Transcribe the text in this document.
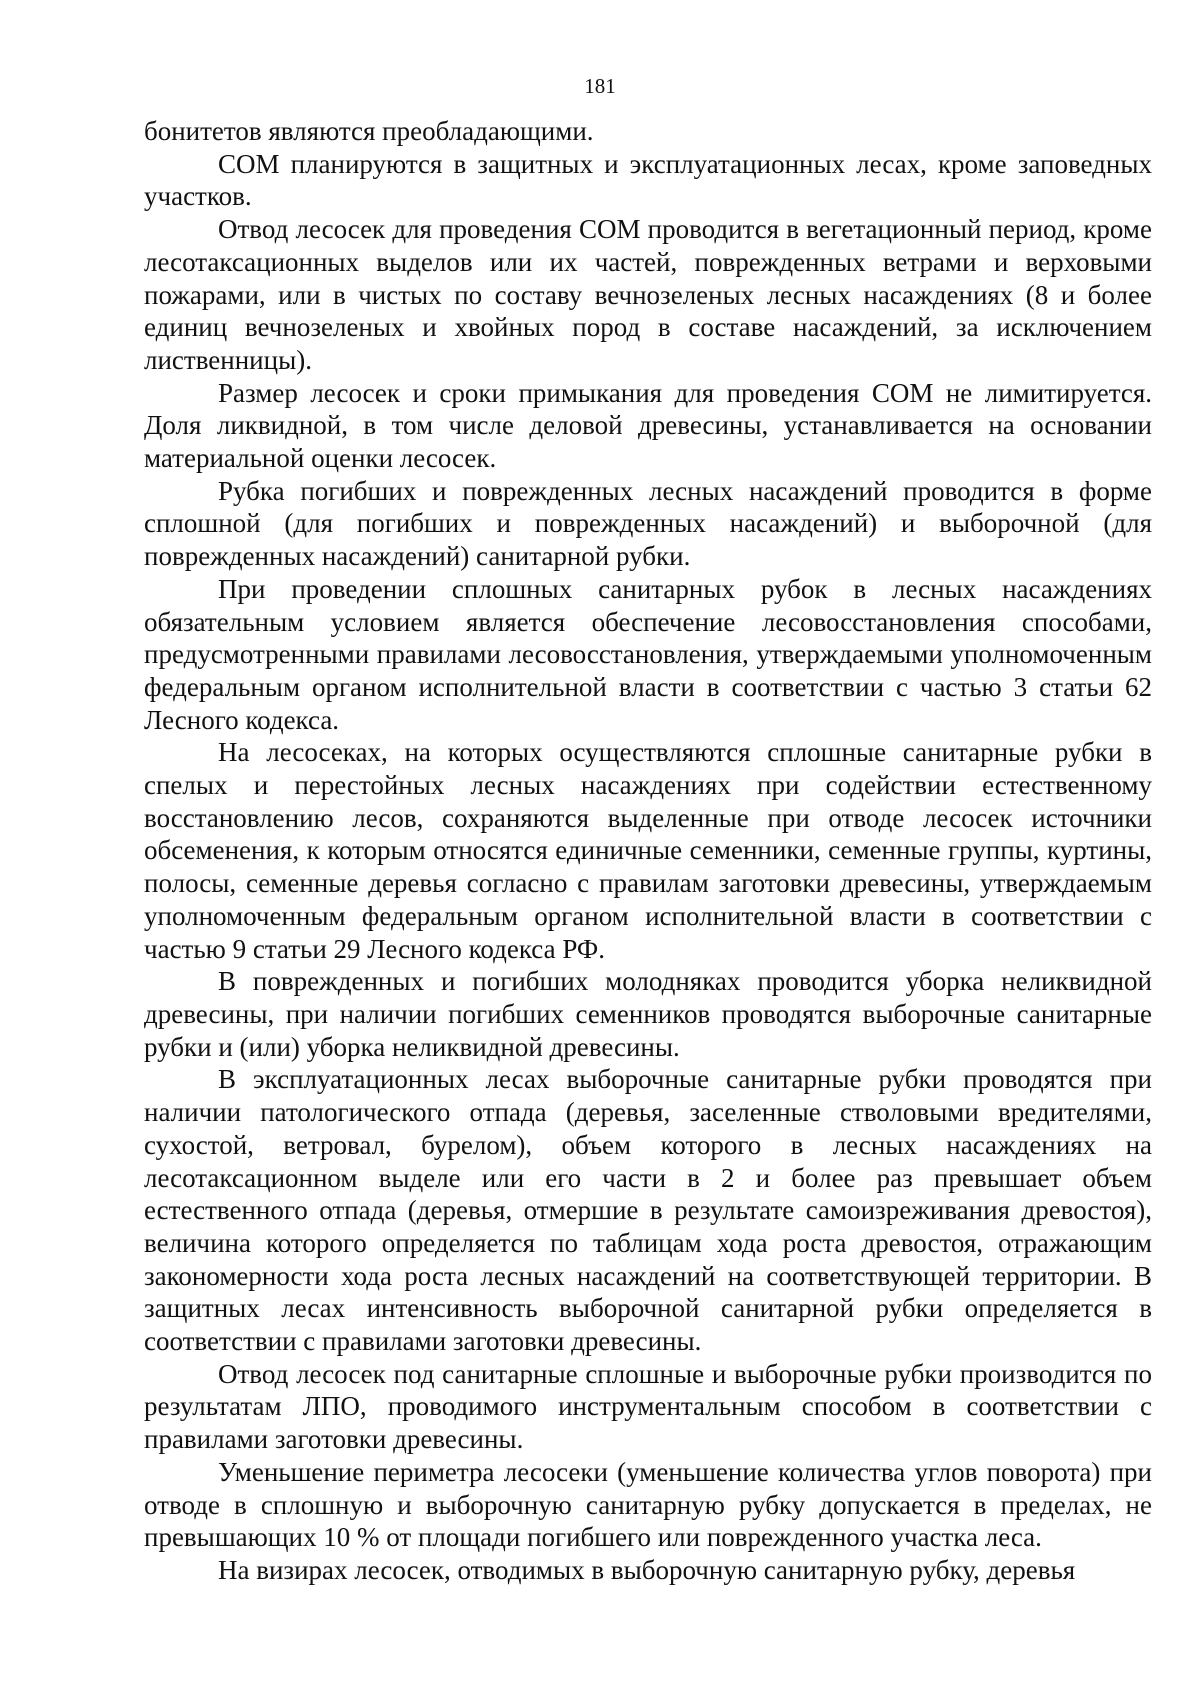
181

бонитетов являются преобладающими.

СОМ планируются в защитных и эксплуатационных лесах, кроме заповедных участков.

Отвод лесосек для проведения СОМ проводится в вегетационный период, кроме лесотаксационных выделов или их частей, поврежденных ветрами и верховыми пожарами, или в чистых по составу вечнозеленых лесных насаждениях (8 и более единиц вечнозеленых и хвойных пород в составе насаждений, за исключением лиственницы).

Размер лесосек и сроки примыкания для проведения СОМ не лимитируется. Доля ликвидной, в том числе деловой древесины, устанавливается на основании материальной оценки лесосек.

Рубка погибших и поврежденных лесных насаждений проводится в форме сплошной (для погибших и поврежденных насаждений) и выборочной (для поврежденных насаждений) санитарной рубки.

При проведении сплошных санитарных рубок в лесных насаждениях обязательным условием является обеспечение лесовосстановления способами, предусмотренными правилами лесовосстановления, утверждаемыми уполномоченным федеральным органом исполнительной власти в соответствии с частью 3 статьи 62 Лесного кодекса.

На лесосеках, на которых осуществляются сплошные санитарные рубки в спелых и перестойных лесных насаждениях при содействии естественному восстановлению лесов, сохраняются выделенные при отводе лесосек источники обсеменения, к которым относятся единичные семенники, семенные группы, куртины, полосы, семенные деревья согласно с правилам заготовки древесины, утверждаемым уполномоченным федеральным органом исполнительной власти в соответствии с частью 9 статьи 29 Лесного кодекса РФ.

В поврежденных и погибших молодняках проводится уборка неликвидной древесины, при наличии погибших семенников проводятся выборочные санитарные рубки и (или) уборка неликвидной древесины.

В эксплуатационных лесах выборочные санитарные рубки проводятся при наличии патологического отпада (деревья, заселенные стволовыми вредителями, сухостой, ветровал, бурелом), объем которого в лесных насаждениях на лесотаксационном выделе или его части в 2 и более раз превышает объем естественного отпада (деревья, отмершие в результате самоизреживания древостоя), величина которого определяется по таблицам хода роста древостоя, отражающим закономерности хода роста лесных насаждений на соответствующей территории. В защитных лесах интенсивность выборочной санитарной рубки определяется в соответствии с правилами заготовки древесины.

Отвод лесосек под санитарные сплошные и выборочные рубки производится по результатам ЛПО, проводимого инструментальным способом в соответствии с правилами заготовки древесины.

Уменьшение периметра лесосеки (уменьшение количества углов поворота) при отводе в сплошную и выборочную санитарную рубку допускается в пределах, не превышающих 10 % от площади погибшего или поврежденного участка леса.

На визирах лесосек, отводимых в выборочную санитарную рубку, деревья
